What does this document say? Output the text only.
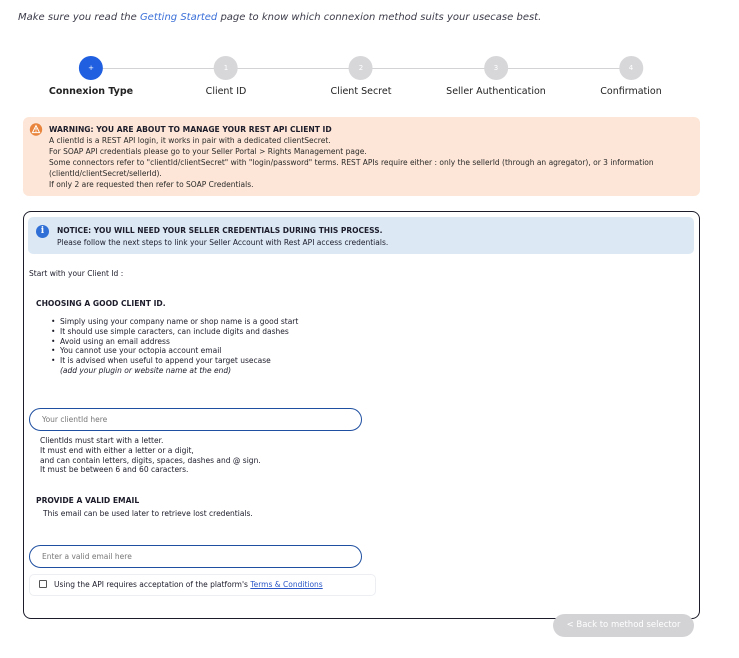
Make sure you read the Getting Started page to know which connexion method suits your usecase best.
+
Connexion Type
1
Client ID
2
Client Secret
3
Seller Authentication
4
Confirmation
WARNING: YOU ARE ABOUT TO MANAGE YOUR REST API CLIENT ID
A clientId is a REST API login, it works in pair with a dedicated clientSecret.
For SOAP API credentials please go to your Seller Portal > Rights Management page.
Some connectors refer to "clientId/clientSecret" with "login/password" terms. REST APIs require either : only the sellerId (through an agregator), or 3 information
(clientId/clientSecret/sellerId).
If only 2 are requested then refer to SOAP Credentials.
i	NOTICE: YOU WILL NEED YOUR SELLER CREDENTIALS DURING THIS PROCESS.
Please follow the next steps to link your Seller Account with Rest API access credentials.
Start with your Client Id :
CHOOSING A GOOD CLIENT ID.
• Simply using your company name or shop name is a good start
• It should use simple caracters, can include digits and dashes
• Avoid using an email address
• You cannot use your octopia account email
• It is advised when useful to append your target usecase
(add your plugin or website name at the end)
Your clientId here
ClientIds must start with a letter.
It must end with either a letter or a digit,
and can contain letters, digits, spaces, dashes and @ sign.
It must be between 6 and 60 caracters.
PROVIDE A VALID EMAIL
This email can be used later to retrieve lost credentials.
Enter a valid email here
Using the API requires acceptation of the platform's Terms & Conditions
< Back to method selector
